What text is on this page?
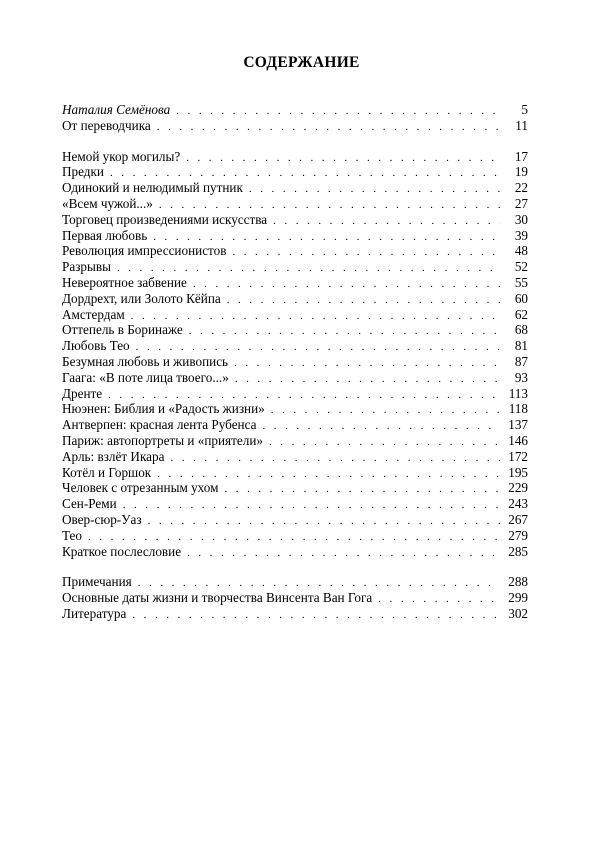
СОДЕРЖАНИЕ
Наталия Семёнова . . .	5
От переводчика . . .	11
Немой укор могилы? . . .	17
Предки . . .	19
Одинокий и нелюдимый путник . . .	22
«Всем чужой...» . . .	27
Торговец произведениями искусства . . .	30
Первая любовь . . .	39
Революция импрессионистов . . .	48
Разрывы . . .	52
Невероятное забвение . . .	55
Дордрехт, или Золото Кёйпа . . .	60
Амстердам . . .	62
Оттепель в Боринаже . . .	68
Любовь Тео . . .	81
Безумная любовь и живопись . . .	87
Гаага: «В поте лица твоего...» . . .	93
Дренте . . .	113
Нюэнен: Библия и «Радость жизни» . . .	118
Антверпен: красная лента Рубенса . . .	137
Париж: автопортреты и «приятели» . . .	146
Арль: взлёт Икара . . .	172
Котёл и Горшок . . .	195
Человек с отрезанным ухом . . .	229
Сен-Реми . . .	243
Овер-сюр-Уаз . . .	267
Тео . . .	279
Краткое послесловие . . .	285
Примечания . . .	288
Основные даты жизни и творчества Винсента Ван Гога . . .	299
Литература . . .	302
